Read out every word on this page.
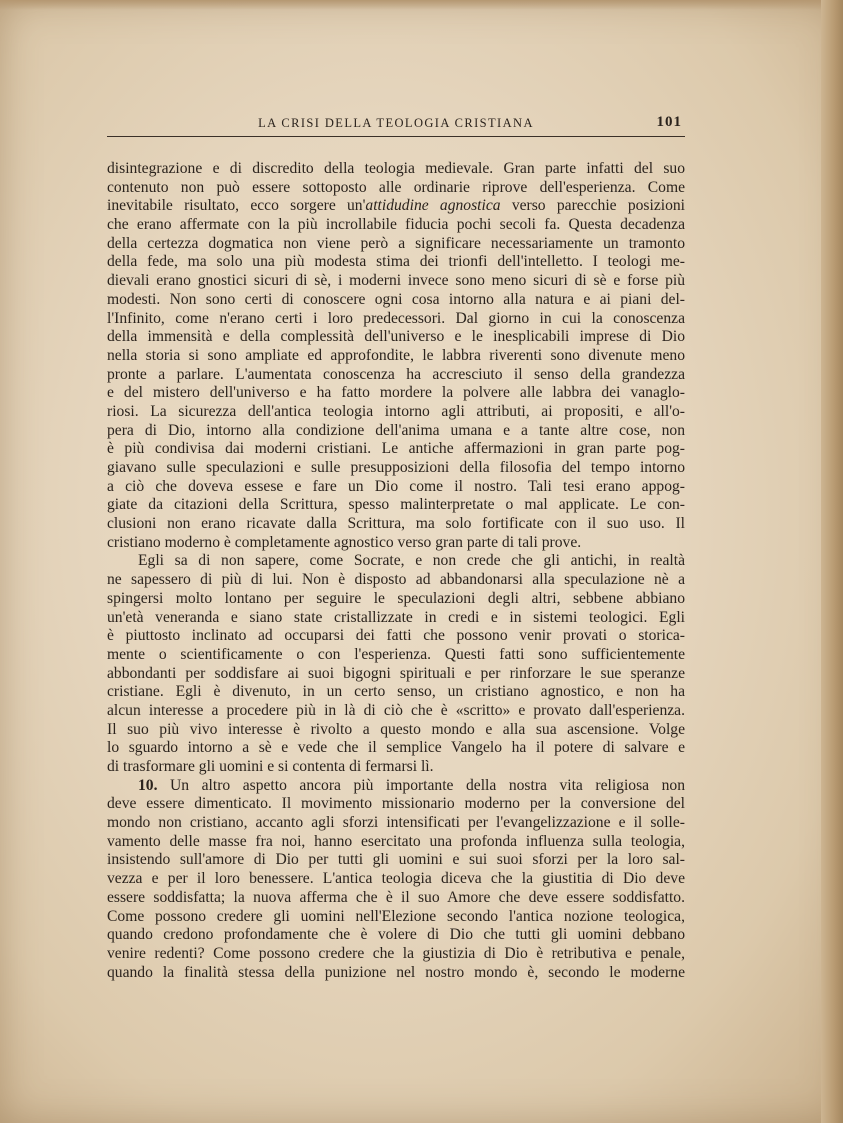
LA CRISI DELLA TEOLOGIA CRISTIANA	101
disintegrazione e di discredito della teologia medievale. Gran parte infatti del suo
contenuto non può essere sottoposto alle ordinarie riprove dell'esperienza. Come
inevitabile risultato, ecco sorgere un'attidudine agnostica verso parecchie posizioni
che erano affermate con la più incrollabile fiducia pochi secoli fa. Questa decadenza
della certezza dogmatica non viene però a significare necessariamente un tramonto
della fede, ma solo una più modesta stima dei trionfi dell'intelletto. I teologi me-
dievali erano gnostici sicuri di sè, i moderni invece sono meno sicuri di sè e forse più
modesti. Non sono certi di conoscere ogni cosa intorno alla natura e ai piani del-
l'Infinito, come n'erano certi i loro predecessori. Dal giorno in cui la conoscenza
della immensità e della complessità dell'universo e le inesplicabili imprese di Dio
nella storia si sono ampliate ed approfondite, le labbra riverenti sono divenute meno
pronte a parlare. L'aumentata conoscenza ha accresciuto il senso della grandezza
e del mistero dell'universo e ha fatto mordere la polvere alle labbra dei vanaglo-
riosi. La sicurezza dell'antica teologia intorno agli attributi, ai propositi, e all'o-
pera di Dio, intorno alla condizione dell'anima umana e a tante altre cose, non
è più condivisa dai moderni cristiani. Le antiche affermazioni in gran parte pog-
giavano sulle speculazioni e sulle presupposizioni della filosofia del tempo intorno
a ciò che doveva essese e fare un Dio come il nostro. Tali tesi erano appog-
giate da citazioni della Scrittura, spesso malinterpretate o mal applicate. Le con-
clusioni non erano ricavate dalla Scrittura, ma solo fortificate con il suo uso. Il
cristiano moderno è completamente agnostico verso gran parte di tali prove.
Egli sa di non sapere, come Socrate, e non crede che gli antichi, in realtà
ne sapessero di più di lui. Non è disposto ad abbandonarsi alla speculazione nè a
spingersi molto lontano per seguire le speculazioni degli altri, sebbene abbiano
un'età veneranda e siano state cristallizzate in credi e in sistemi teologici. Egli
è piuttosto inclinato ad occuparsi dei fatti che possono venir provati o storica-
mente o scientificamente o con l'esperienza. Questi fatti sono sufficientemente
abbondanti per soddisfare ai suoi bigogni spirituali e per rinforzare le sue speranze
cristiane. Egli è divenuto, in un certo senso, un cristiano agnostico, e non ha
alcun interesse a procedere più in là di ciò che è «scritto» e provato dall'esperienza.
Il suo più vivo interesse è rivolto a questo mondo e alla sua ascensione. Volge
lo sguardo intorno a sè e vede che il semplice Vangelo ha il potere di salvare e
di trasformare gli uomini e si contenta di fermarsi lì.
10. Un altro aspetto ancora più importante della nostra vita religiosa non
deve essere dimenticato. Il movimento missionario moderno per la conversione del
mondo non cristiano, accanto agli sforzi intensificati per l'evangelizzazione e il solle-
vamento delle masse fra noi, hanno esercitato una profonda influenza sulla teologia,
insistendo sull'amore di Dio per tutti gli uomini e sui suoi sforzi per la loro sal-
vezza e per il loro benessere. L'antica teologia diceva che la giustitia di Dio deve
essere soddisfatta; la nuova afferma che è il suo Amore che deve essere soddisfatto.
Come possono credere gli uomini nell'Elezione secondo l'antica nozione teologica,
quando credono profondamente che è volere di Dio che tutti gli uomini debbano
venire redenti? Come possono credere che la giustizia di Dio è retributiva e penale,
quando la finalità stessa della punizione nel nostro mondo è, secondo le moderne
